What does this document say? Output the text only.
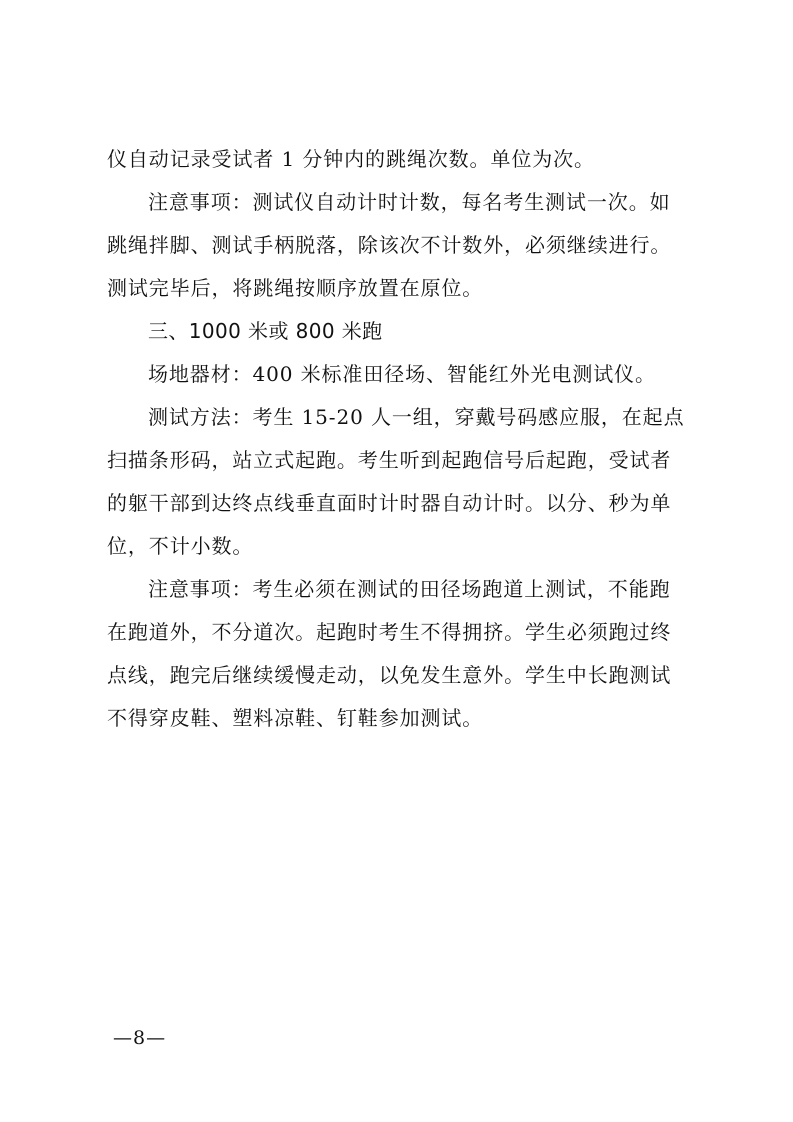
仪自动记录受试者 1 分钟内的跳绳次数。单位为次。
注意事项：测试仪自动计时计数，每名考生测试一次。如
跳绳拌脚、测试手柄脱落，除该次不计数外，必须继续进行。
测试完毕后，将跳绳按顺序放置在原位。
三、1000 米或 800 米跑
场地器材：400 米标准田径场、智能红外光电测试仪。
测试方法：考生 15-20 人一组，穿戴号码感应服，在起点
扫描条形码，站立式起跑。考生听到起跑信号后起跑，受试者
的躯干部到达终点线垂直面时计时器自动计时。以分、秒为单
位，不计小数。
注意事项：考生必须在测试的田径场跑道上测试，不能跑
在跑道外，不分道次。起跑时考生不得拥挤。学生必须跑过终
点线，跑完后继续缓慢走动，以免发生意外。学生中长跑测试
不得穿皮鞋、塑料凉鞋、钉鞋参加测试。
—8—
